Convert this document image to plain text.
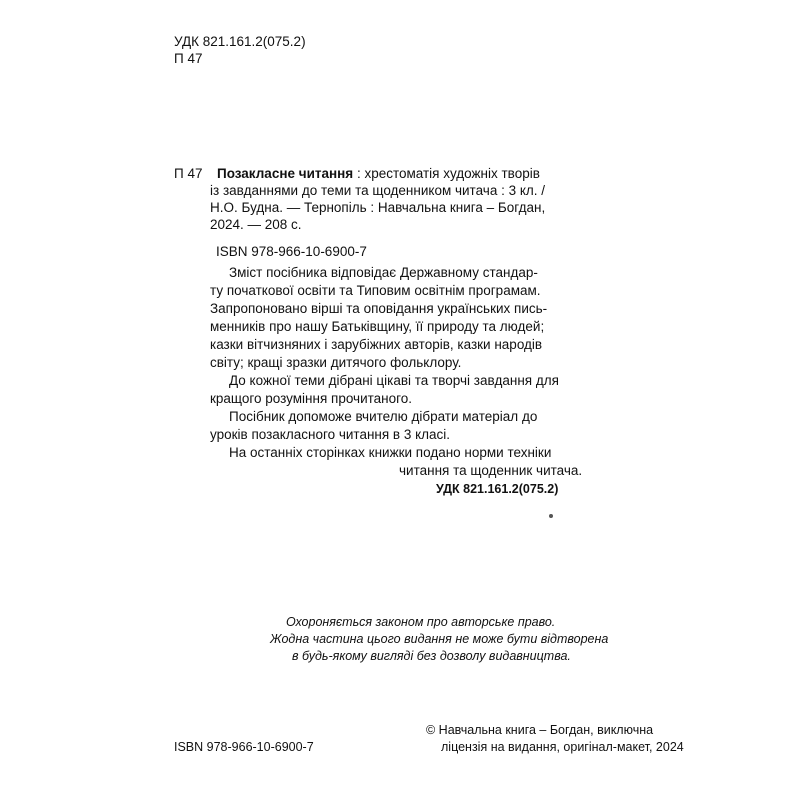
УДК 821.161.2(075.2)
П 47
П 47 Позакласне читання : хрестоматія художніх творів
із завданнями до теми та щоденником читача : 3 кл. /
Н.О. Будна. — Тернопіль : Навчальна книга – Богдан,
2024. — 208 с.
ISBN 978-966-10-6900-7
Зміст посібника відповідає Державному стандар-
ту початкової освіти та Типовим освітнім програмам.
Запропоновано вірші та оповідання українських пись-
менників про нашу Батьківщину, її природу та людей;
казки вітчизняних і зарубіжних авторів, казки народів
світу; кращі зразки дитячого фольклору.
До кожної теми дібрані цікаві та творчі завдання для
кращого розуміння прочитаного.
Посібник допоможе вчителю дібрати матеріал до
уроків позакласного читання в 3 класі.
На останніх сторінках книжки подано норми техніки
читання та щоденник читача.
УДК 821.161.2(075.2)
Охороняється законом про авторське право.
Жодна частина цього видання не може бути відтворена
в будь-якому вигляді без дозволу видавництва.
ISBN 978-966-10-6900-7
© Навчальна книга – Богдан, виключна
ліцензія на видання, оригінал-макет, 2024
